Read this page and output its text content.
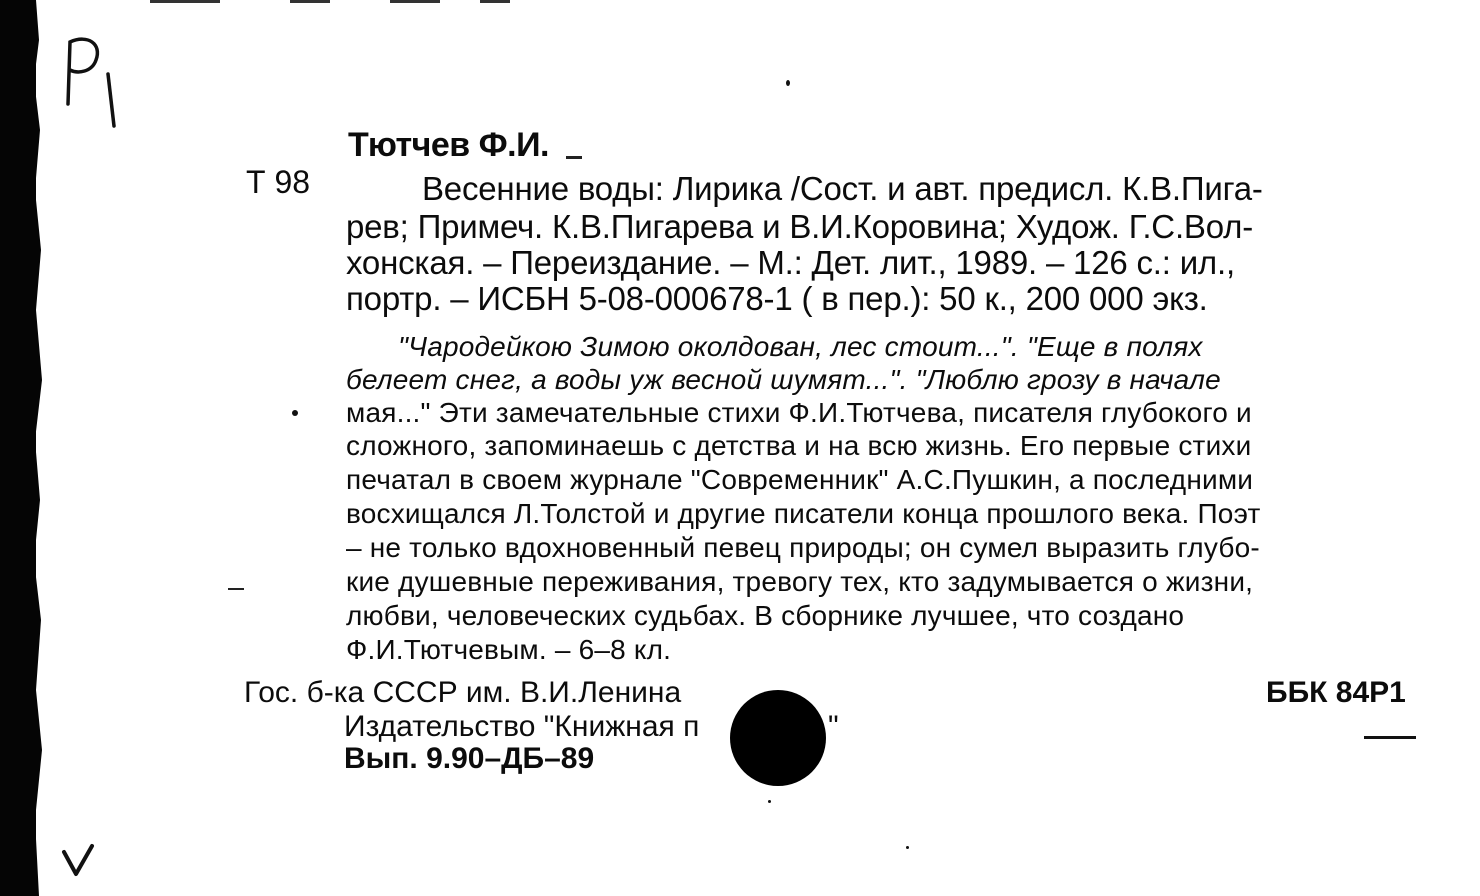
Тютчев Ф.И.
Т 98	Весенние воды: Лирика /Сост. и авт. предисл. К.В.Пига-
рев; Примеч. К.В.Пигарева и В.И.Коровина; Худож. Г.С.Вол-
хонская. – Переиздание. – М.: Дет. лит., 1989. – 126 с.: ил.,
портр. – ИСБН 5-08-000678-1 ( в пер.): 50 к., 200 000 экз.
"Чародейкою Зимою околдован, лес стоит...". "Еще в полях
белеет снег, а воды уж весной шумят...". "Люблю грозу в начале
мая..." Эти замечательные стихи Ф.И.Тютчева, писателя глубокого и
сложного, запоминаешь с детства и на всю жизнь. Его первые стихи
печатал в своем журнале "Современник" А.С.Пушкин, а последними
восхищался Л.Толстой и другие писатели конца прошлого века. Поэт
– не только вдохновенный певец природы; он сумел выразить глубо-
кие душевные переживания, тревогу тех, кто задумывается о жизни,
любви, человеческих судьбах. В сборнике лучшее, что создано
Ф.И.Тютчевым. – 6–8 кл.
Гос. б-ка СССР им. В.И.Ленина
Издательство "Книжная п	"
Вып. 9.90–ДБ–89
ББК 84Р1
